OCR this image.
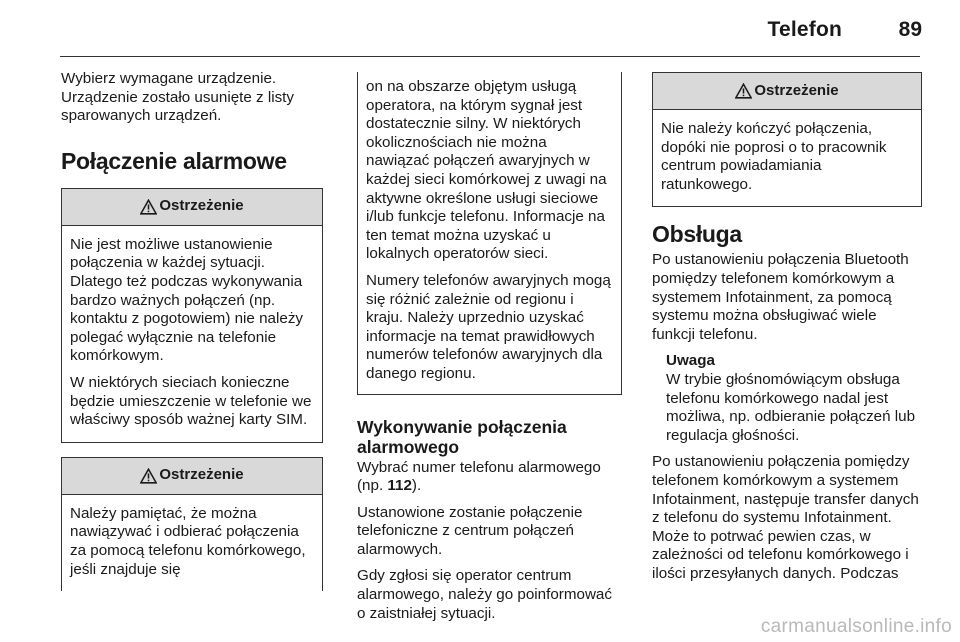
Telefon	89

Wybierz wymagane urządzenie. Urządzenie zostało usunięte z listy sparowanych urządzeń.

Połączenie alarmowe
Ostrzeżenie

Nie jest możliwe ustanowienie połączenia w każdej sytuacji. Dlatego też podczas wykonywania bardzo ważnych połączeń (np. kontaktu z pogotowiem) nie należy polegać wyłącznie na telefonie komórkowym.

W niektórych sieciach konieczne będzie umieszczenie w telefonie we właściwy sposób ważnej karty SIM.

Ostrzeżenie

Należy pamiętać, że można nawiązywać i odbierać połączenia za pomocą telefonu komórkowego, jeśli znajduje się

on na obszarze objętym usługą operatora, na którym sygnał jest dostatecznie silny. W niektórych okolicznościach nie można nawiązać połączeń awaryjnych w każdej sieci komórkowej z uwagi na aktywne określone usługi sieciowe i/lub funkcje telefonu. Informacje na ten temat można uzyskać u lokalnych operatorów sieci.

Numery telefonów awaryjnych mogą się różnić zależnie od regionu i kraju. Należy uprzednio uzyskać informacje na temat prawidłowych numerów telefonów awaryjnych dla danego regionu.

Wykonywanie połączenia alarmowego

Wybrać numer telefonu alarmowego (np. 112).

Ustanowione zostanie połączenie telefoniczne z centrum połączeń alarmowych.

Gdy zgłosi się operator centrum alarmowego, należy go poinformować o zaistniałej sytuacji.

Ostrzeżenie

Nie należy kończyć połączenia, dopóki nie poprosi o to pracownik centrum powiadamiania ratunkowego.

Obsługa

Po ustanowieniu połączenia Bluetooth pomiędzy telefonem komórkowym a systemem Infotainment, za pomocą systemu można obsługiwać wiele funkcji telefonu.

Uwaga
W trybie głośnomówiącym obsługa telefonu komórkowego nadal jest możliwa, np. odbieranie połączeń lub regulacja głośności.

Po ustanowieniu połączenia pomiędzy telefonem komórkowym a systemem Infotainment, następuje transfer danych z telefonu do systemu Infotainment. Może to potrwać pewien czas, w zależności od telefonu komórkowego i ilości przesyłanych danych. Podczas

carmanualsonline.info
